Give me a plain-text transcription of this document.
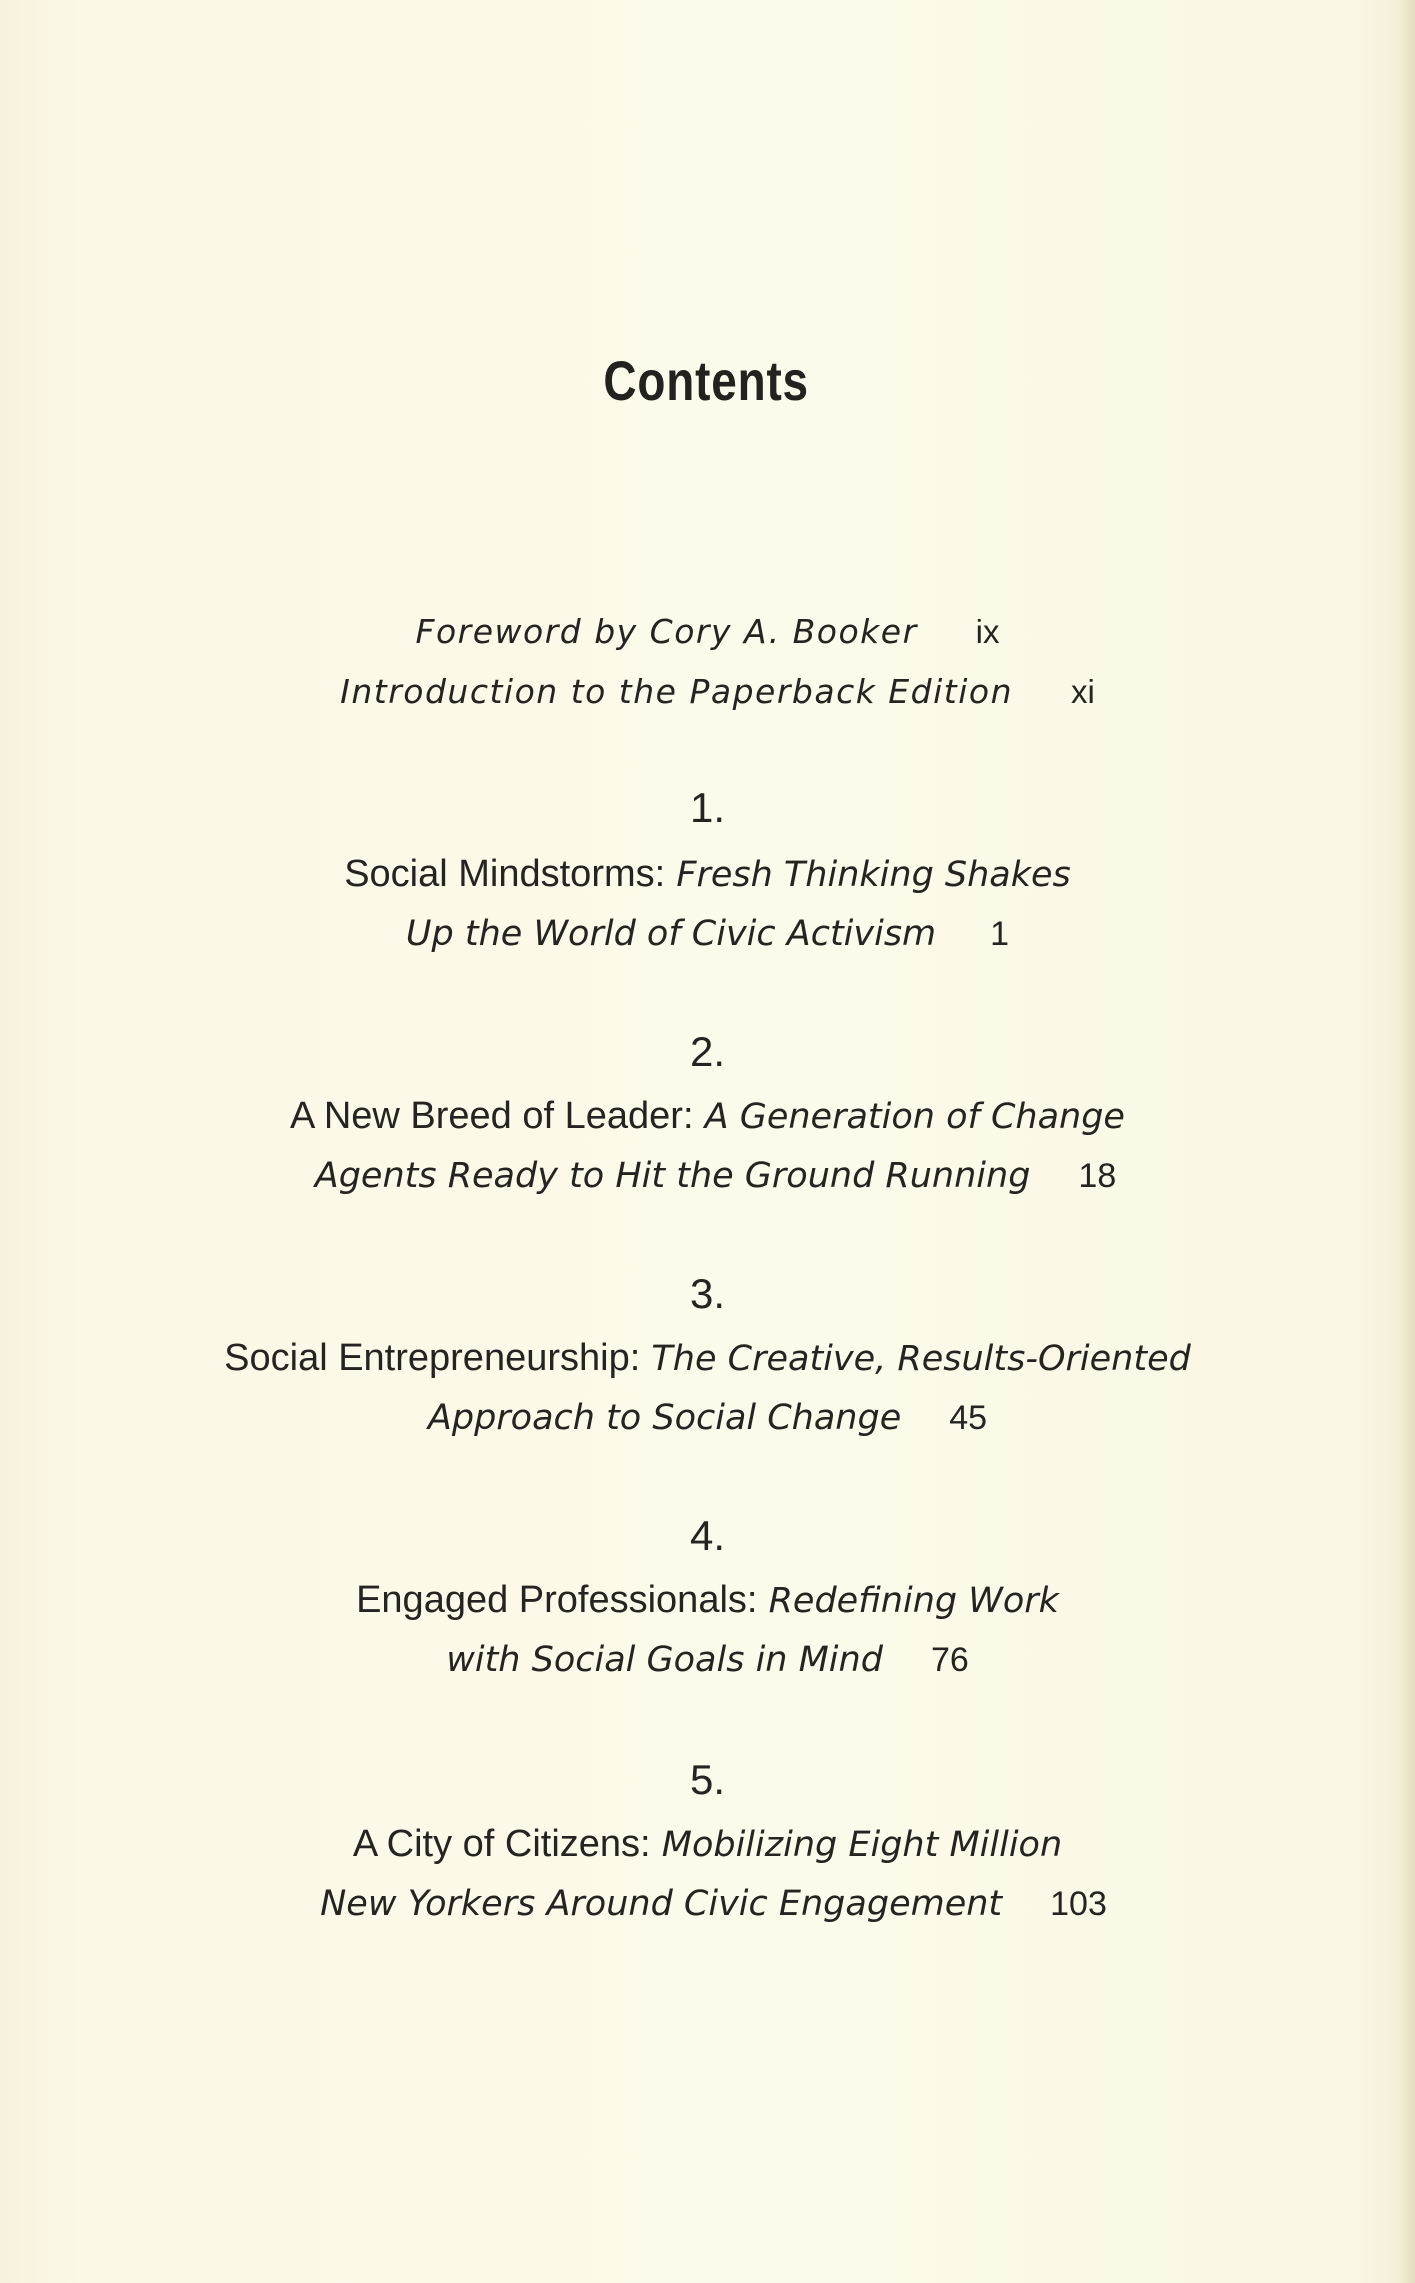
Contents
Foreword by Cory A. Booker ix
Introduction to the Paperback Edition xi
1.
Social Mindstorms: Fresh Thinking Shakes
Up the World of Civic Activism 1
2.
A New Breed of Leader: A Generation of Change
Agents Ready to Hit the Ground Running 18
3.
Social Entrepreneurship: The Creative, Results-Oriented
Approach to Social Change 45
4.
Engaged Professionals: Redefining Work
with Social Goals in Mind 76
5.
A City of Citizens: Mobilizing Eight Million
New Yorkers Around Civic Engagement 103
